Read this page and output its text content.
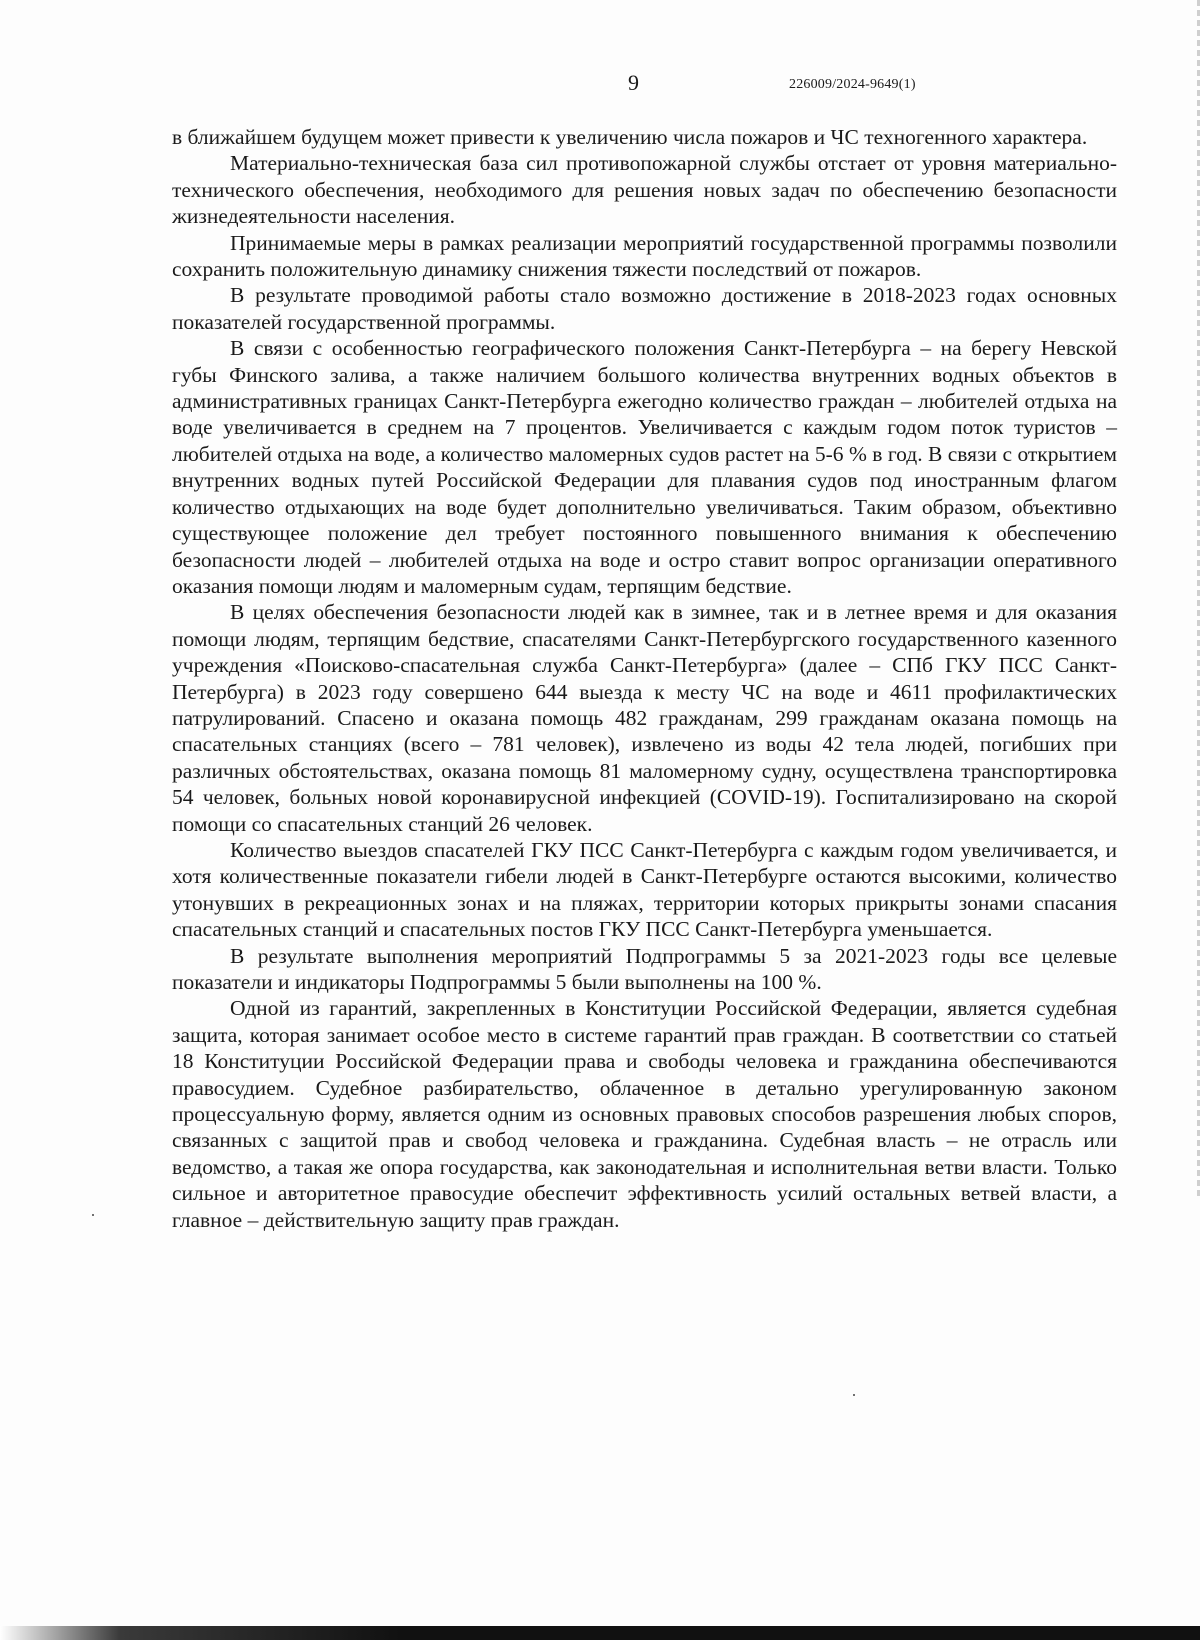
9	226009/2024-9649(1)

в ближайшем будущем может привести к увеличению числа пожаров и ЧС техногенного характера.

Материально-техническая база сил противопожарной службы отстает от уровня материально-технического обеспечения, необходимого для решения новых задач по обеспечению безопасности жизнедеятельности населения.

Принимаемые меры в рамках реализации мероприятий государственной программы позволили сохранить положительную динамику снижения тяжести последствий от пожаров.

В результате проводимой работы стало возможно достижение в 2018-2023 годах основных показателей государственной программы.

В связи с особенностью географического положения Санкт-Петербурга – на берегу Невской губы Финского залива, а также наличием большого количества внутренних водных объектов в административных границах Санкт-Петербурга ежегодно количество граждан – любителей отдыха на воде увеличивается в среднем на 7 процентов. Увеличивается с каждым годом поток туристов – любителей отдыха на воде, а количество маломерных судов растет на 5-6 % в год. В связи с открытием внутренних водных путей Российской Федерации для плавания судов под иностранным флагом количество отдыхающих на воде будет дополнительно увеличиваться. Таким образом, объективно существующее положение дел требует постоянного повышенного внимания к обеспечению безопасности людей – любителей отдыха на воде и остро ставит вопрос организации оперативного оказания помощи людям и маломерным судам, терпящим бедствие.

В целях обеспечения безопасности людей как в зимнее, так и в летнее время и для оказания помощи людям, терпящим бедствие, спасателями Санкт-Петербургского государственного казенного учреждения «Поисково-спасательная служба Санкт-Петербурга» (далее – СПб ГКУ ПСС Санкт-Петербурга) в 2023 году совершено 644 выезда к месту ЧС на воде и 4611 профилактических патрулирований. Спасено и оказана помощь 482 гражданам, 299 гражданам оказана помощь на спасательных станциях (всего – 781 человек), извлечено из воды 42 тела людей, погибших при различных обстоятельствах, оказана помощь 81 маломерному судну, осуществлена транспортировка 54 человек, больных новой коронавирусной инфекцией (COVID-19). Госпитализировано на скорой помощи со спасательных станций 26 человек.

Количество выездов спасателей ГКУ ПСС Санкт-Петербурга с каждым годом увеличивается, и хотя количественные показатели гибели людей в Санкт-Петербурге остаются высокими, количество утонувших в рекреационных зонах и на пляжах, территории которых прикрыты зонами спасания спасательных станций и спасательных постов ГКУ ПСС Санкт-Петербурга уменьшается.

В результате выполнения мероприятий Подпрограммы 5 за 2021-2023 годы все целевые показатели и индикаторы Подпрограммы 5 были выполнены на 100 %.

Одной из гарантий, закрепленных в Конституции Российской Федерации, является судебная защита, которая занимает особое место в системе гарантий прав граждан. В соответствии со статьей 18 Конституции Российской Федерации права и свободы человека и гражданина обеспечиваются правосудием. Судебное разбирательство, облаченное в детально урегулированную законом процессуальную форму, является одним из основных правовых способов разрешения любых споров, связанных с защитой прав и свобод человека и гражданина. Судебная власть – не отрасль или ведомство, а такая же опора государства, как законодательная и исполнительная ветви власти. Только сильное и авторитетное правосудие обеспечит эффективность усилий остальных ветвей власти, а главное – действительную защиту прав граждан.
